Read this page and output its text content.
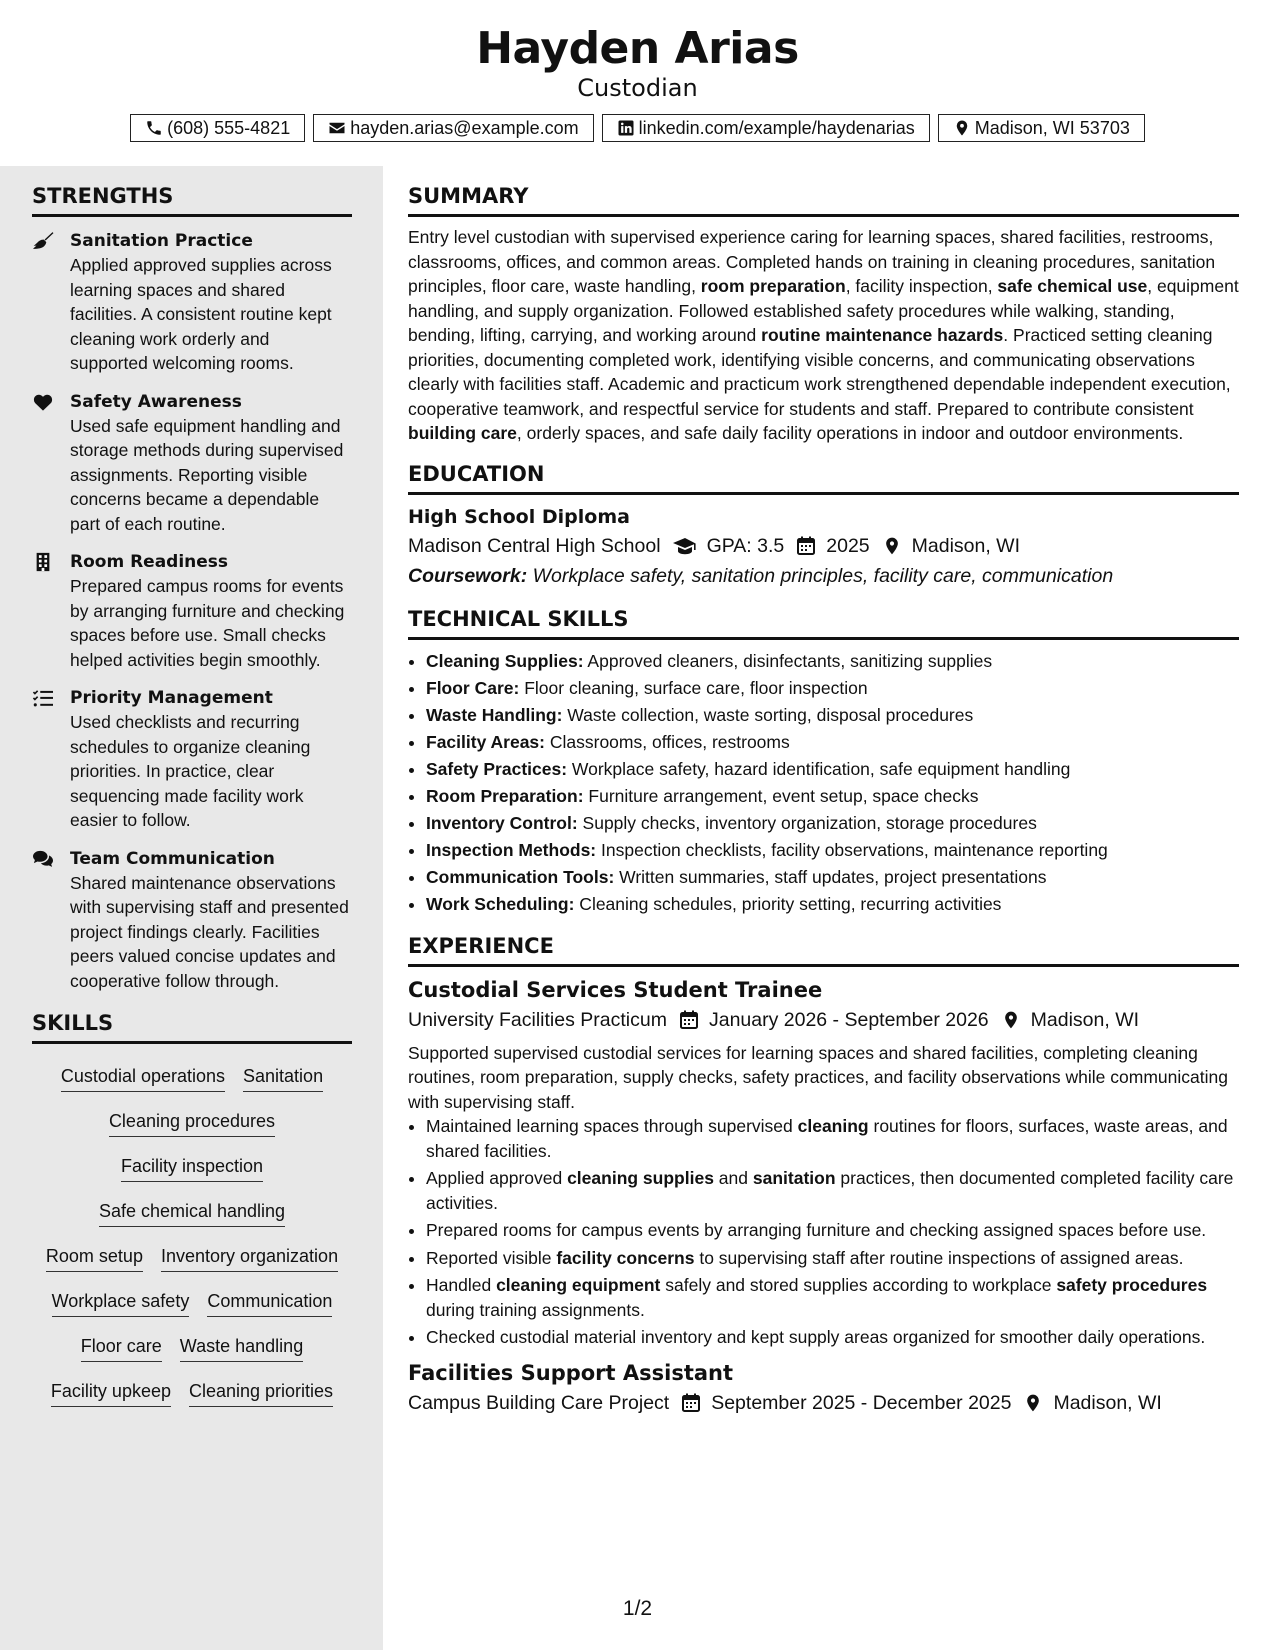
Hayden Arias
Custodian
(608) 555-4821	hayden.arias@example.com	linkedin.com/example/haydenarias	Madison, WI 53703
STRENGTHS
Sanitation Practice
Applied approved supplies across learning spaces and shared facilities. A consistent routine kept cleaning work orderly and supported welcoming rooms.
Safety Awareness
Used safe equipment handling and storage methods during supervised assignments. Reporting visible concerns became a dependable part of each routine.
Room Readiness
Prepared campus rooms for events by arranging furniture and checking spaces before use. Small checks helped activities begin smoothly.
Priority Management
Used checklists and recurring schedules to organize cleaning priorities. In practice, clear sequencing made facility work easier to follow.
Team Communication
Shared maintenance observations with supervising staff and presented project findings clearly. Facilities peers valued concise updates and cooperative follow through.
SKILLS
Custodial operations Sanitation
Cleaning procedures
Facility inspection
Safe chemical handling
Room setup Inventory organization
Workplace safety Communication
Floor care Waste handling
Facility upkeep Cleaning priorities
SUMMARY

Entry level custodian with supervised experience caring for learning spaces, shared facilities, restrooms, classrooms, offices, and common areas. Completed hands on training in cleaning procedures, sanitation principles, floor care, waste handling, room preparation, facility inspection, safe chemical use, equipment handling, and supply organization. Followed established safety procedures while walking, standing, bending, lifting, carrying, and working around routine maintenance hazards. Practiced setting cleaning priorities, documenting completed work, identifying visible concerns, and communicating observations clearly with facilities staff. Academic and practicum work strengthened dependable independent execution, cooperative teamwork, and respectful service for students and staff. Prepared to contribute consistent building care, orderly spaces, and safe daily facility operations in indoor and outdoor environments.

EDUCATION
High School Diploma
Madison Central High School GPA: 3.5 2025 Madison, WI
Coursework: Workplace safety, sanitation principles, facility care, communication
TECHNICAL SKILLS
• Cleaning Supplies: Approved cleaners, disinfectants, sanitizing supplies
• Floor Care: Floor cleaning, surface care, floor inspection
• Waste Handling: Waste collection, waste sorting, disposal procedures
• Facility Areas: Classrooms, offices, restrooms
• Safety Practices: Workplace safety, hazard identification, safe equipment handling
• Room Preparation: Furniture arrangement, event setup, space checks
• Inventory Control: Supply checks, inventory organization, storage procedures
• Inspection Methods: Inspection checklists, facility observations, maintenance reporting
• Communication Tools: Written summaries, staff updates, project presentations
• Work Scheduling: Cleaning schedules, priority setting, recurring activities
EXPERIENCE
Custodial Services Student Trainee
University Facilities Practicum January 2026 - September 2026 Madison, WI

Supported supervised custodial services for learning spaces and shared facilities, completing cleaning routines, room preparation, supply checks, safety practices, and facility observations while communicating with supervising staff.

• Maintained learning spaces through supervised cleaning routines for floors, surfaces, waste areas, and shared facilities.
• Applied approved cleaning supplies and sanitation practices, then documented completed facility care activities.
• Prepared rooms for campus events by arranging furniture and checking assigned spaces before use.
• Reported visible facility concerns to supervising staff after routine inspections of assigned areas.
• Handled cleaning equipment safely and stored supplies according to workplace safety procedures during training assignments.
• Checked custodial material inventory and kept supply areas organized for smoother daily operations.
Facilities Support Assistant
Campus Building Care Project September 2025 - December 2025 Madison, WI
1/2
